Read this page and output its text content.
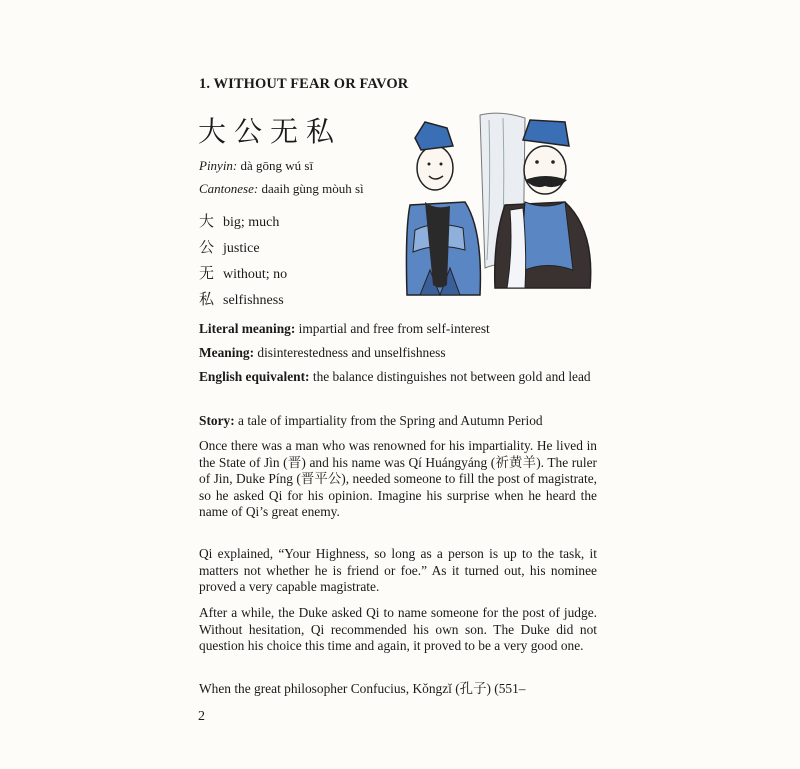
1. WITHOUT FEAR OR FAVOR
大公无私
Pinyin: dà gōng wú sī
Cantonese: daaih gùng mòuh sì
大 big; much
公 justice
无 without; no
私 selfishness
Literal meaning: impartial and free from self-interest
Meaning: disinterestedness and unselfishness
English equivalent: the balance distinguishes not between gold and lead
Story: a tale of impartiality from the Spring and Autumn Period
Once there was a man who was renowned for his impartiality. He lived in the State of Jìn (晋) and his name was Qí Huángyáng (祈黄羊). The ruler of Jin, Duke Píng (晋平公), needed someone to fill the post of magistrate, so he asked Qi for his opinion. Imagine his surprise when he heard the name of Qi’s great enemy.
Qi explained, “Your Highness, so long as a person is up to the task, it matters not whether he is friend or foe.” As it turned out, his nominee proved a very capable magistrate.
After a while, the Duke asked Qi to name someone for the post of judge. Without hesitation, Qi recommended his own son. The Duke did not question his choice this time and again, it proved to be a very good one.
When the great philosopher Confucius, Kǒngzǐ (孔子) (551–
2
